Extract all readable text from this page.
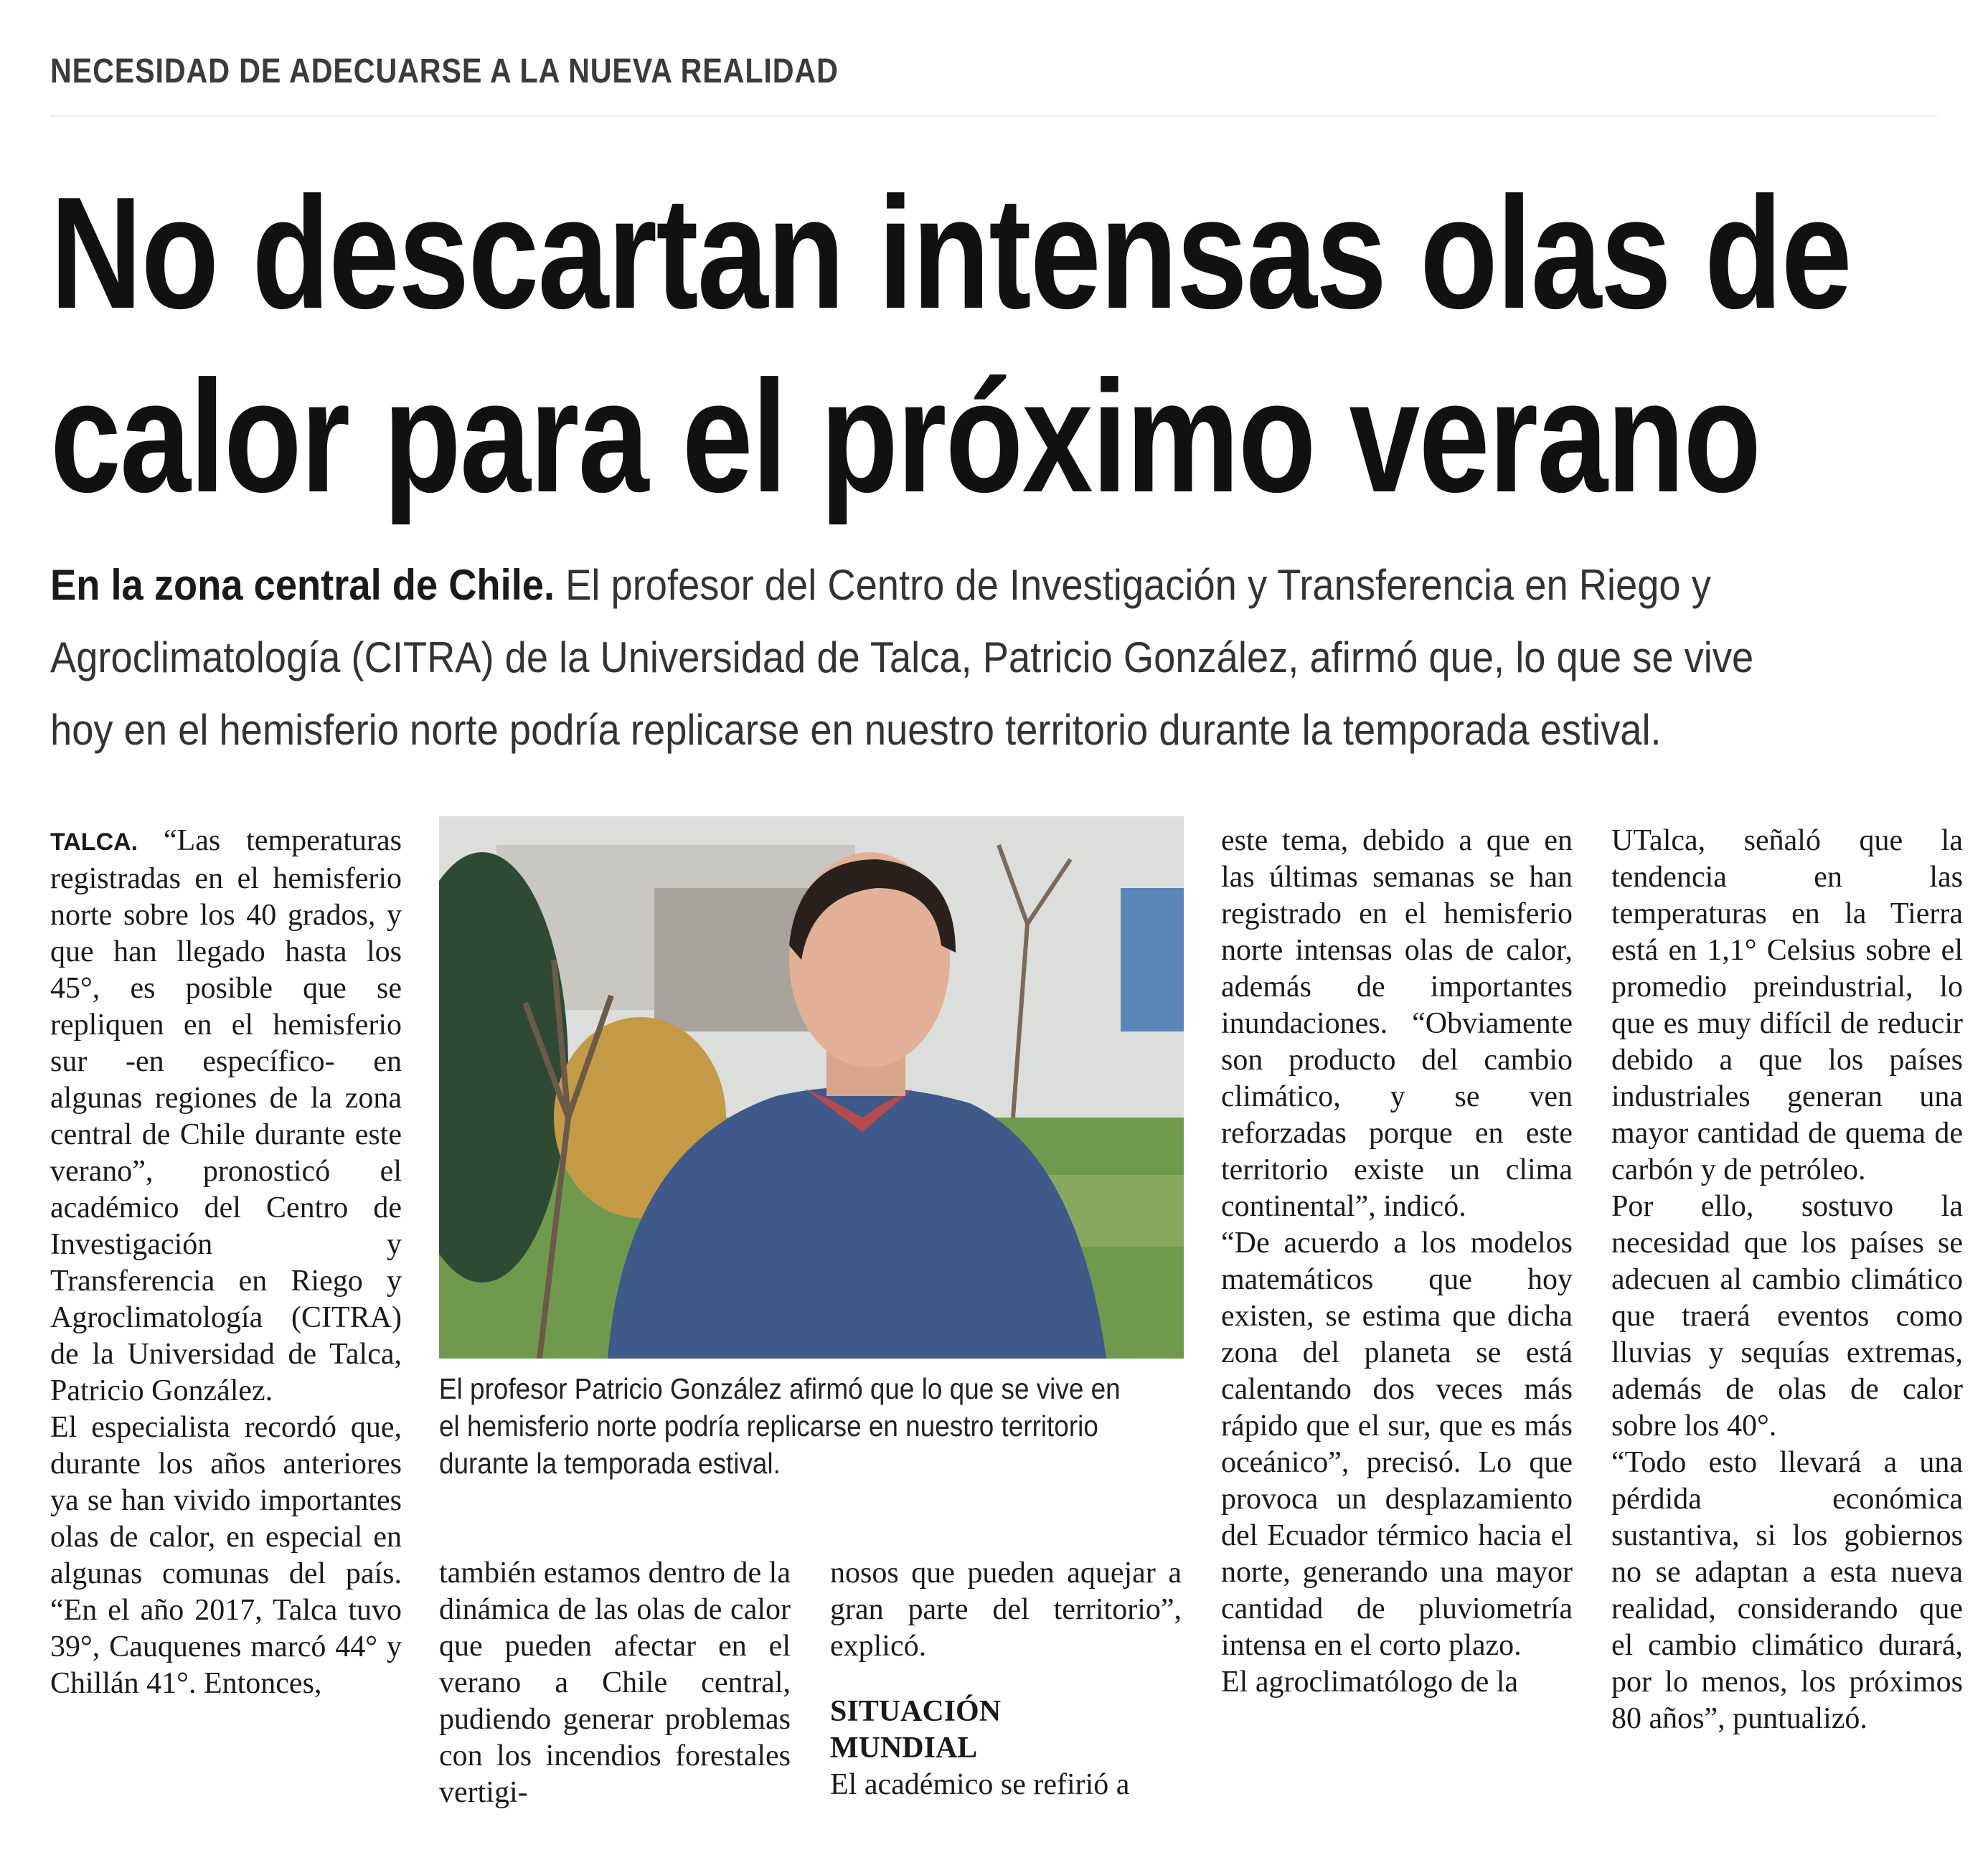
NECESIDAD DE ADECUARSE A LA NUEVA REALIDAD
No descartan intensas olas de
calor para el próximo verano
En la zona central de Chile. El profesor del Centro de Investigación y Transferencia en Riego y
Agroclimatología (CITRA) de la Universidad de Talca, Patricio González, afirmó que, lo que se vive
hoy en el hemisferio norte podría replicarse en nuestro territorio durante la temporada estival.

TALCA. “Las temperaturas registradas en el hemisferio norte sobre los 40 grados, y que han llegado hasta los 45°, es posible que se repliquen en el hemisferio sur -en específico- en algunas regiones de la zona central de Chile durante este verano”, pronosticó el académico del Centro de Investigación y Transferencia en Riego y Agroclimatología (CITRA) de la Universidad de Talca, Patricio González.

El especialista recordó que, durante los años anteriores ya se han vivido importantes olas de calor, en especial en algunas comunas del país. “En el año 2017, Talca tuvo 39°, Cauquenes marcó 44° y Chillán 41°. Entonces,

El profesor Patricio González afirmó que lo que se vive en
el hemisferio norte podría replicarse en nuestro territorio
durante la temporada estival.

también estamos dentro de la dinámica de las olas de calor que pueden afectar en el verano a Chile central, pudiendo generar problemas con los incendios forestales vertigi-

nosos que pueden aquejar a gran parte del territorio”, explicó.

SITUACIÓN

MUNDIAL

El académico se refirió a

este tema, debido a que en las últimas semanas se han registrado en el hemisferio norte intensas olas de calor, además de importantes inundaciones. “Obviamente son producto del cambio climático, y se ven reforzadas porque en este territorio existe un clima continental”, indicó.

“De acuerdo a los modelos matemáticos que hoy existen, se estima que dicha zona del planeta se está calentando dos veces más rápido que el sur, que es más oceánico”, precisó. Lo que provoca un desplazamiento del Ecuador térmico hacia el norte, generando una mayor cantidad de pluviometría intensa en el corto plazo.

El agroclimatólogo de la

UTalca, señaló que la tendencia en las temperaturas en la Tierra está en 1,1° Celsius sobre el promedio preindustrial, lo que es muy difícil de reducir debido a que los países industriales generan una mayor cantidad de quema de carbón y de petróleo.

Por ello, sostuvo la necesidad que los países se adecuen al cambio climático que traerá eventos como lluvias y sequías extremas, además de olas de calor sobre los 40°.

“Todo esto llevará a una pérdida económica sustantiva, si los gobiernos no se adaptan a esta nueva realidad, considerando que el cambio climático durará, por lo menos, los próximos 80 años”, puntualizó.
